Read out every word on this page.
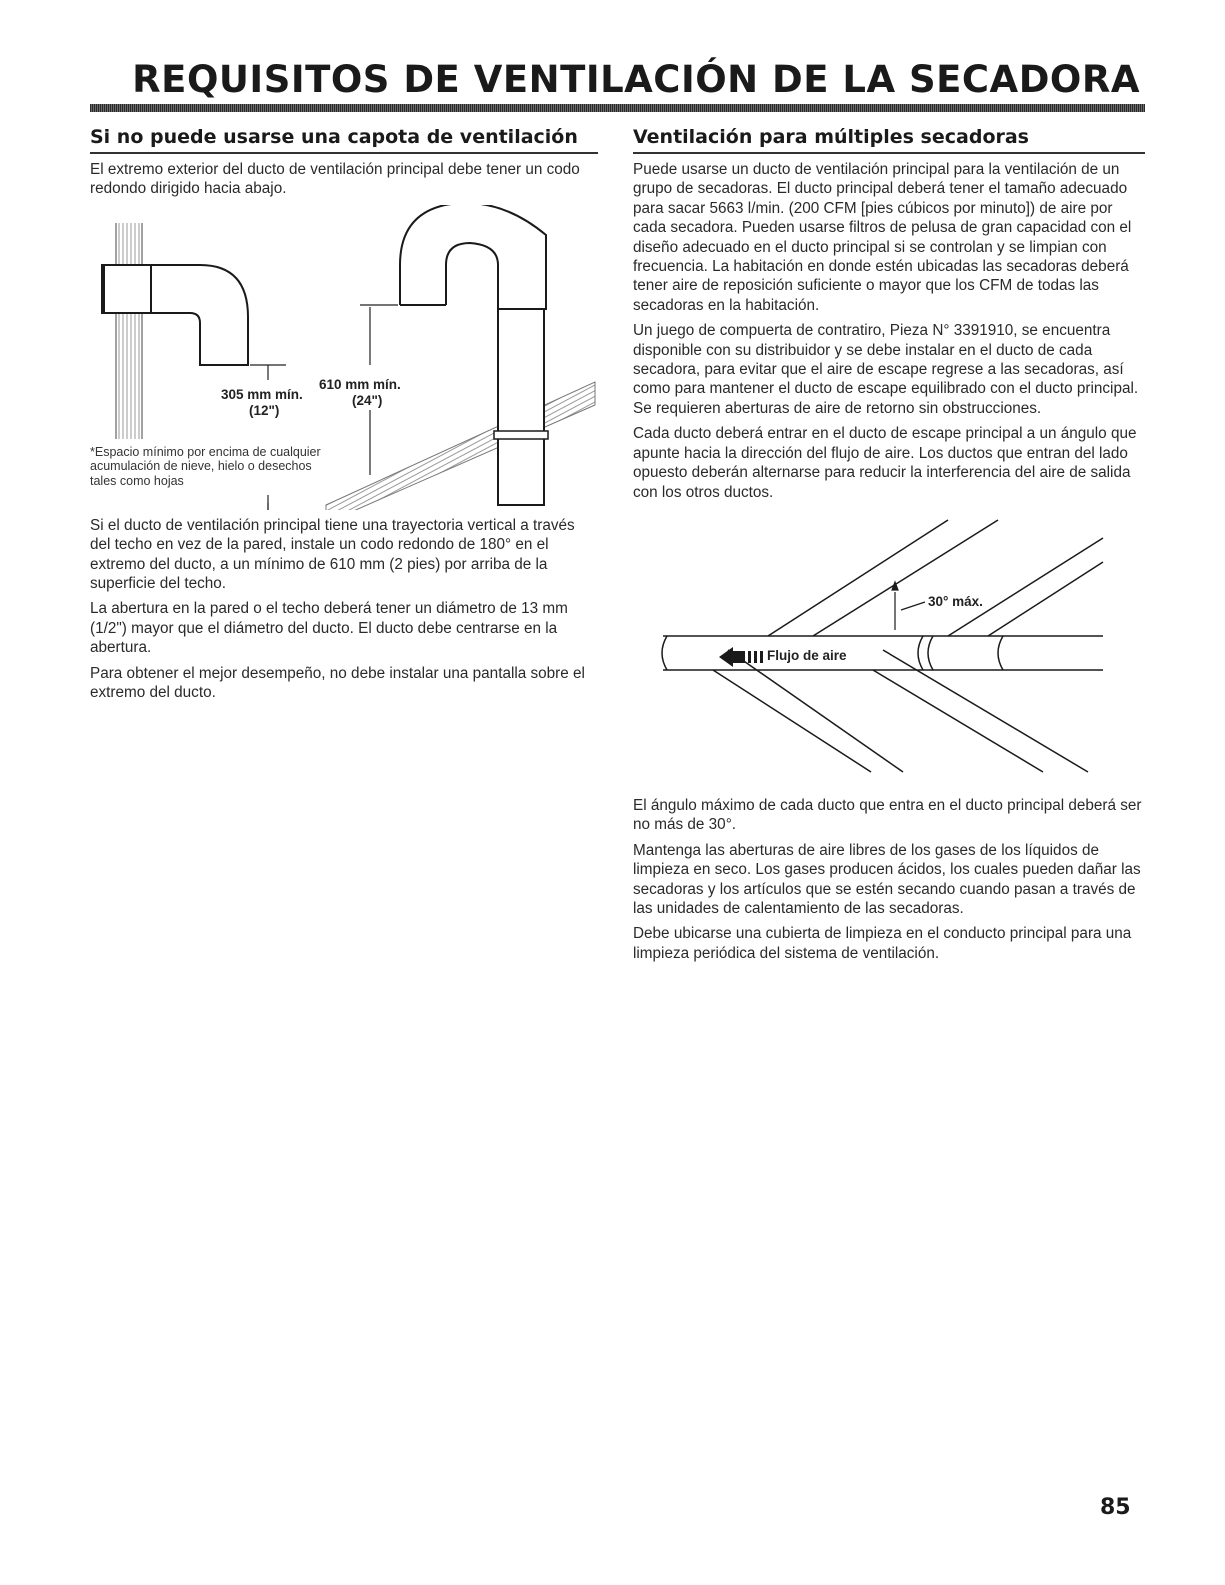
REQUISITOS DE VENTILACIÓN DE LA SECADORA
Si no puede usarse una capota de ventilación

El extremo exterior del ducto de ventilación principal debe tener un codo redondo dirigido hacia abajo.

610 mm mín.
(24")
305 mm mín.
(12")
*Espacio mínimo por encima de cualquier acumulación de nieve, hielo o desechos tales como hojas

Si el ducto de ventilación principal tiene una trayectoria vertical a través del techo en vez de la pared, instale un codo redondo de 180° en el extremo del ducto, a un mínimo de 610 mm (2 pies) por arriba de la superficie del techo.

La abertura en la pared o el techo deberá tener un diámetro de 13 mm (1/2") mayor que el diámetro del ducto. El ducto debe centrarse en la abertura.

Para obtener el mejor desempeño, no debe instalar una pantalla sobre el extremo del ducto.

Ventilación para múltiples secadoras

Puede usarse un ducto de ventilación principal para la ventilación de un grupo de secadoras. El ducto principal deberá tener el tamaño adecuado para sacar 5663 l/min. (200 CFM [pies cúbicos por minuto]) de aire por cada secadora. Pueden usarse filtros de pelusa de gran capacidad con el diseño adecuado en el ducto principal si se controlan y se limpian con frecuencia. La habitación en donde estén ubicadas las secadoras deberá tener aire de reposición suficiente o mayor que los CFM de todas las secadoras en la habitación.

Un juego de compuerta de contratiro, Pieza N° 3391910, se encuentra disponible con su distribuidor y se debe instalar en el ducto de cada secadora, para evitar que el aire de escape regrese a las secadoras, así como para mantener el ducto de escape equilibrado con el ducto principal. Se requieren aberturas de aire de retorno sin obstrucciones.

Cada ducto deberá entrar en el ducto de escape principal a un ángulo que apunte hacia la dirección del flujo de aire. Los ductos que entran del lado opuesto deberán alternarse para reducir la interferencia del aire de salida con los otros ductos.

30° máx.
Flujo de aire

El ángulo máximo de cada ducto que entra en el ducto principal deberá ser no más de 30°.

Mantenga las aberturas de aire libres de los gases de los líquidos de limpieza en seco. Los gases producen ácidos, los cuales pueden dañar las secadoras y los artículos que se estén secando cuando pasan a través de las unidades de calentamiento de las secadoras.

Debe ubicarse una cubierta de limpieza en el conducto principal para una limpieza periódica del sistema de ventilación.

85
